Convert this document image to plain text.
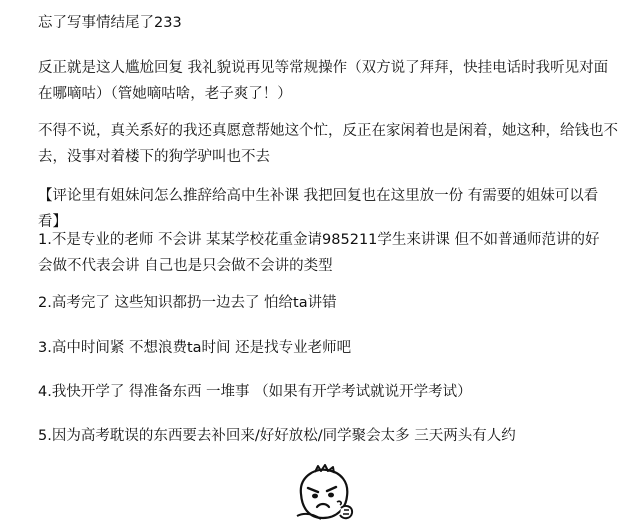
忘了写事情结尾了233

反正就是这人尴尬回复 我礼貌说再见等常规操作（双方说了拜拜，快挂电话时我听见对面在哪嘀咕）（管她嘀咕啥，老子爽了！）

不得不说，真关系好的我还真愿意帮她这个忙，反正在家闲着也是闲着，她这种，给钱也不去，没事对着楼下的狗学驴叫也不去

【评论里有姐妹问怎么推辞给高中生补课 我把回复也在这里放一份 有需要的姐妹可以看看】

1.不是专业的老师 不会讲 某某学校花重金请985211学生来讲课 但不如普通师范讲的好 会做不代表会讲 自己也是只会做不会讲的类型

2.高考完了 这些知识都扔一边去了 怕给ta讲错

3.高中时间紧 不想浪费ta时间 还是找专业老师吧

4.我快开学了 得准备东西 一堆事 （如果有开学考试就说开学考试）

5.因为高考耽误的东西要去补回来/好好放松/同学聚会太多 三天两头有人约
